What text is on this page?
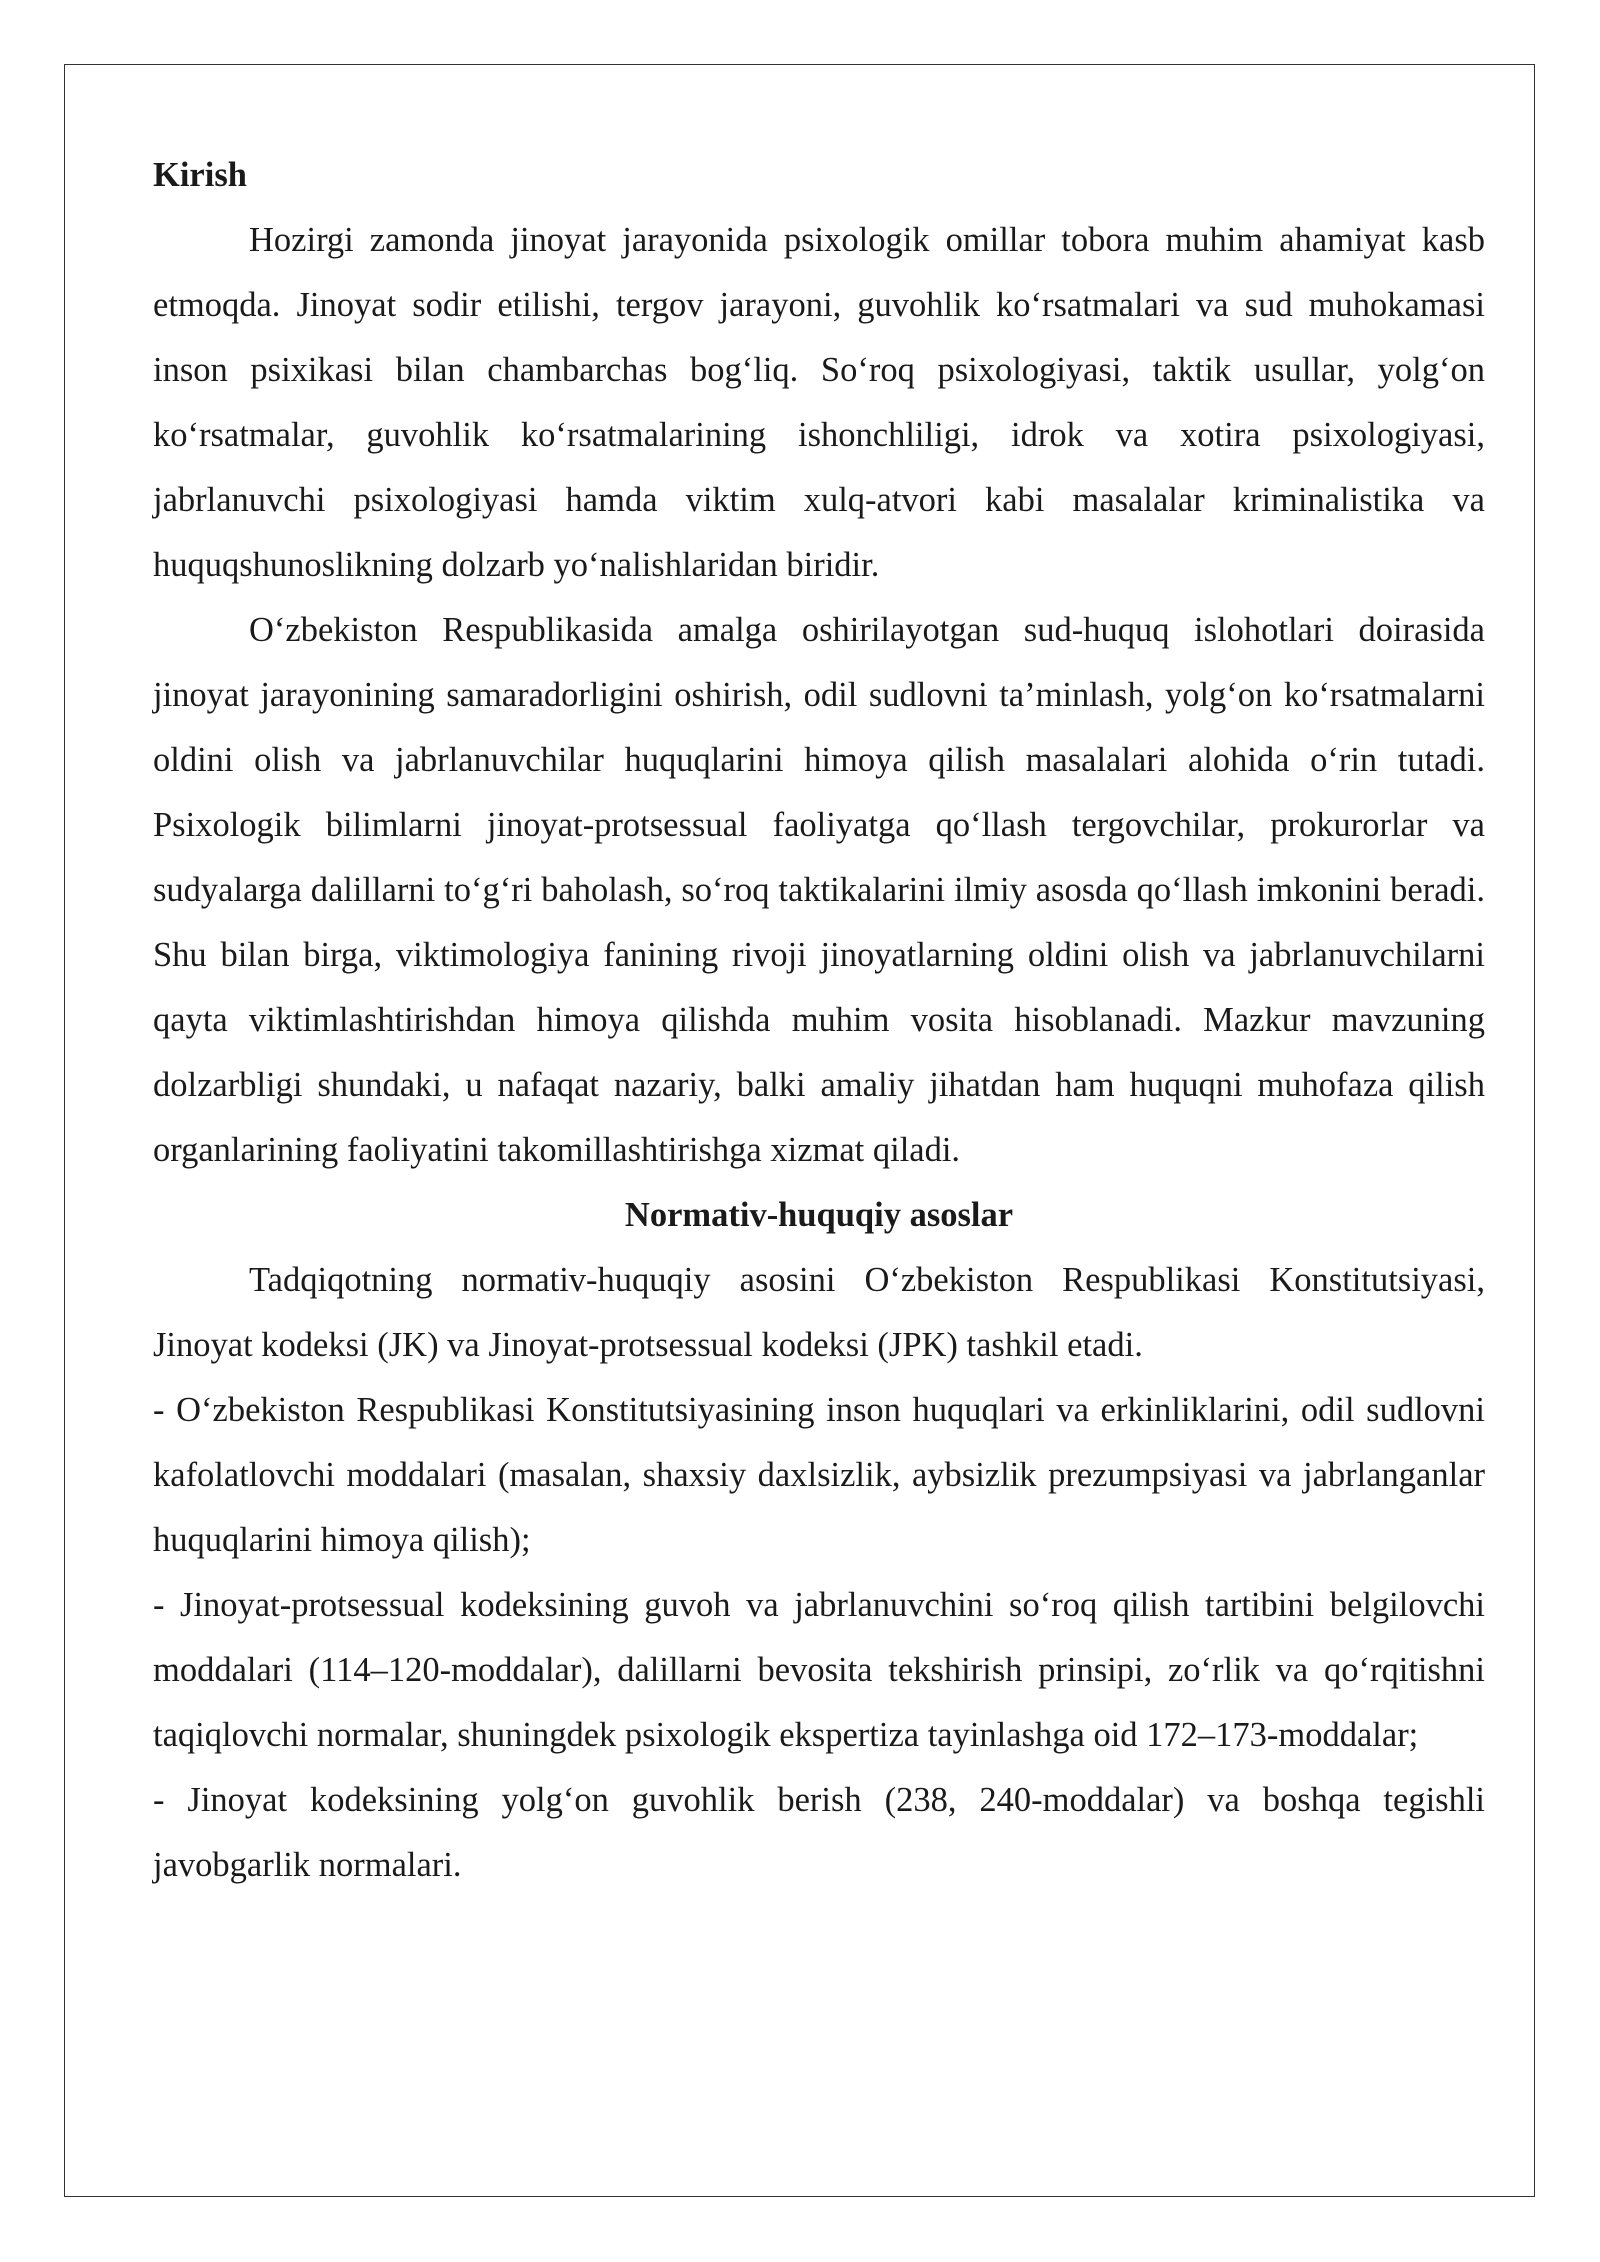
Kirish

Hozirgi zamonda jinoyat jarayonida psixologik omillar tobora muhim ahamiyat kasb etmoqda. Jinoyat sodir etilishi, tergov jarayoni, guvohlik ko‘rsatmalari va sud muhokamasi inson psixikasi bilan chambarchas bog‘liq. So‘roq psixologiyasi, taktik usullar, yolg‘on ko‘rsatmalar, guvohlik ko‘rsatmalarining ishonchliligi, idrok va xotira psixologiyasi, jabrlanuvchi psixologiyasi hamda viktim xulq-atvori kabi masalalar kriminalistika va huquqshunoslikning dolzarb yo‘nalishlaridan biridir.

O‘zbekiston Respublikasida amalga oshirilayotgan sud-huquq islohotlari doirasida jinoyat jarayonining samaradorligini oshirish, odil sudlovni ta’minlash, yolg‘on ko‘rsatmalarni oldini olish va jabrlanuvchilar huquqlarini himoya qilish masalalari alohida o‘rin tutadi. Psixologik bilimlarni jinoyat-protsessual faoliyatga qo‘llash tergovchilar, prokurorlar va sudyalarga dalillarni to‘g‘ri baholash, so‘roq taktikalarini ilmiy asosda qo‘llash imkonini beradi. Shu bilan birga, viktimologiya fanining rivoji jinoyatlarning oldini olish va jabrlanuvchilarni qayta viktimlashtirishdan himoya qilishda muhim vosita hisoblanadi. Mazkur mavzuning dolzarbligi shundaki, u nafaqat nazariy, balki amaliy jihatdan ham huquqni muhofaza qilish organlarining faoliyatini takomillashtirishga xizmat qiladi.

Normativ-huquqiy asoslar

Tadqiqotning normativ-huquqiy asosini O‘zbekiston Respublikasi Konstitutsiyasi, Jinoyat kodeksi (JK) va Jinoyat-protsessual kodeksi (JPK) tashkil etadi.

- O‘zbekiston Respublikasi Konstitutsiyasining inson huquqlari va erkinliklarini, odil sudlovni kafolatlovchi moddalari (masalan, shaxsiy daxlsizlik, aybsizlik prezumpsiyasi va jabrlanganlar huquqlarini himoya qilish);

- Jinoyat-protsessual kodeksining guvoh va jabrlanuvchini so‘roq qilish tartibini belgilovchi moddalari (114–120-moddalar), dalillarni bevosita tekshirish prinsipi, zo‘rlik va qo‘rqitishni taqiqlovchi normalar, shuningdek psixologik ekspertiza tayinlashga oid 172–173-moddalar;

- Jinoyat kodeksining yolg‘on guvohlik berish (238, 240-moddalar) va boshqa tegishli javobgarlik normalari.
